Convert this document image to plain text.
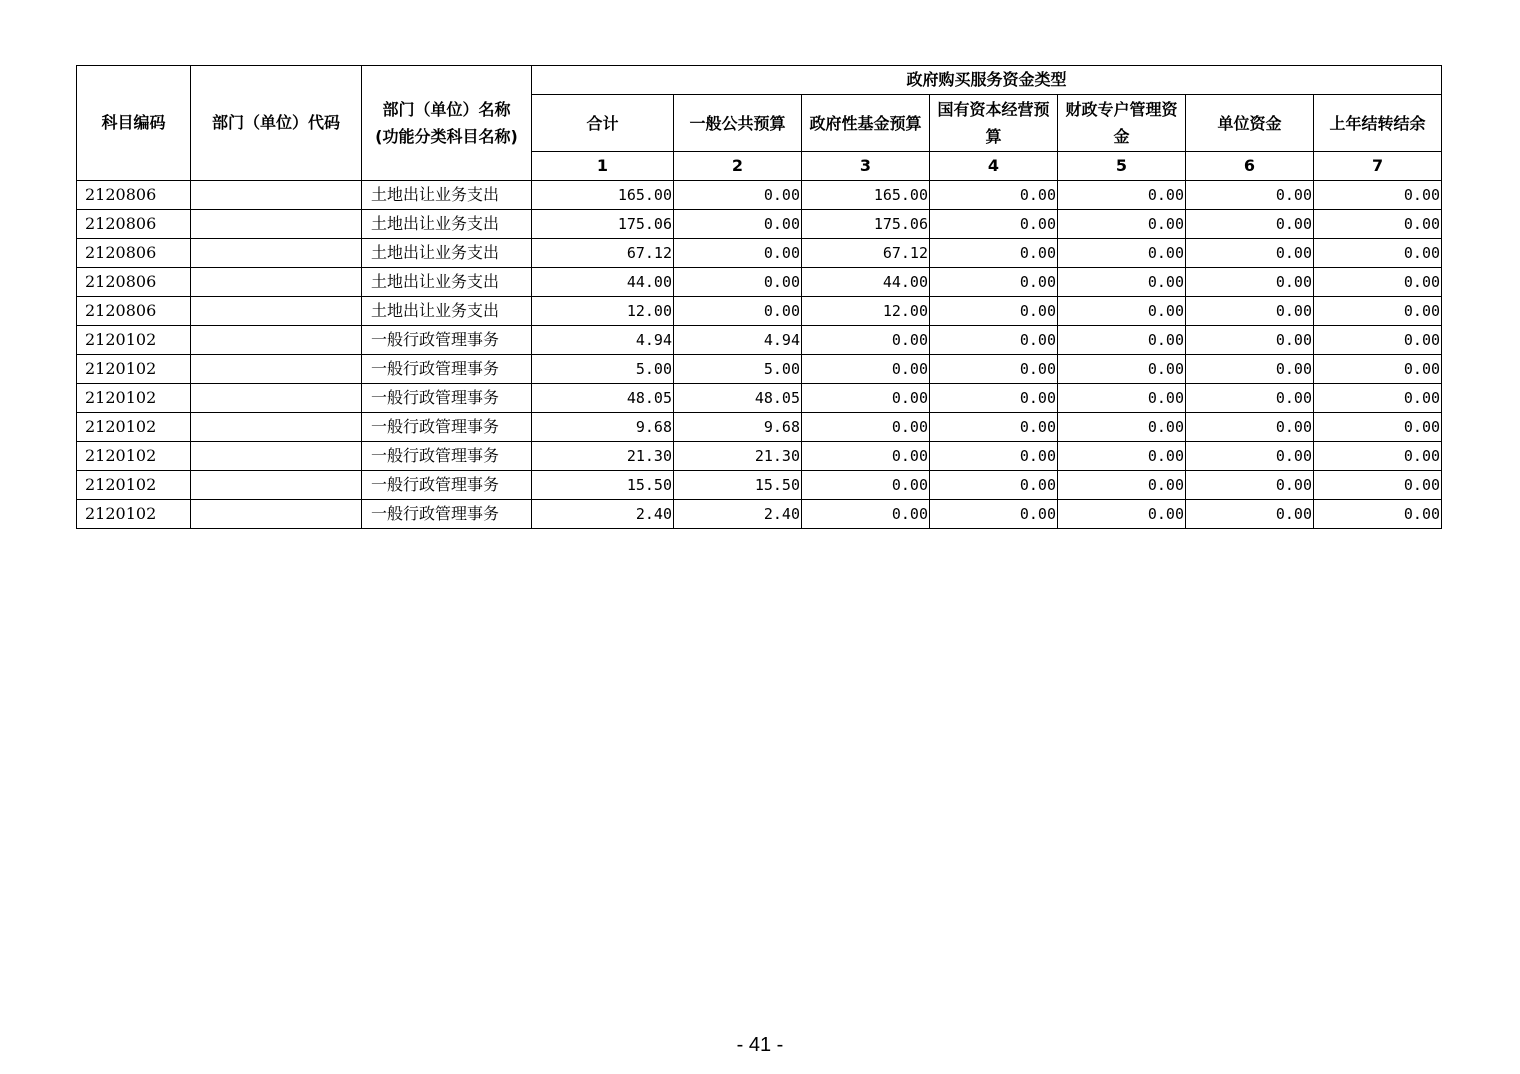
科目编码	部门（单位）代码	部门（单位）名称
(功能分类科目名称)	政府购买服务资金类型						
			合计	一般公共预算	政府性基金预算	国有资本经营预算	财政专户管理资金	单位资金	上年结转结余
			1	2	3	4	5	6	7
2120806		土地出让业务支出	165.00	0.00	165.00	0.00	0.00	0.00	0.00
2120806		土地出让业务支出	175.06	0.00	175.06	0.00	0.00	0.00	0.00
2120806		土地出让业务支出	67.12	0.00	67.12	0.00	0.00	0.00	0.00
2120806		土地出让业务支出	44.00	0.00	44.00	0.00	0.00	0.00	0.00
2120806		土地出让业务支出	12.00	0.00	12.00	0.00	0.00	0.00	0.00
2120102		一般行政管理事务	4.94	4.94	0.00	0.00	0.00	0.00	0.00
2120102		一般行政管理事务	5.00	5.00	0.00	0.00	0.00	0.00	0.00
2120102		一般行政管理事务	48.05	48.05	0.00	0.00	0.00	0.00	0.00
2120102		一般行政管理事务	9.68	9.68	0.00	0.00	0.00	0.00	0.00
2120102		一般行政管理事务	21.30	21.30	0.00	0.00	0.00	0.00	0.00
2120102		一般行政管理事务	15.50	15.50	0.00	0.00	0.00	0.00	0.00
2120102		一般行政管理事务	2.40	2.40	0.00	0.00	0.00	0.00	0.00
- 41 -
